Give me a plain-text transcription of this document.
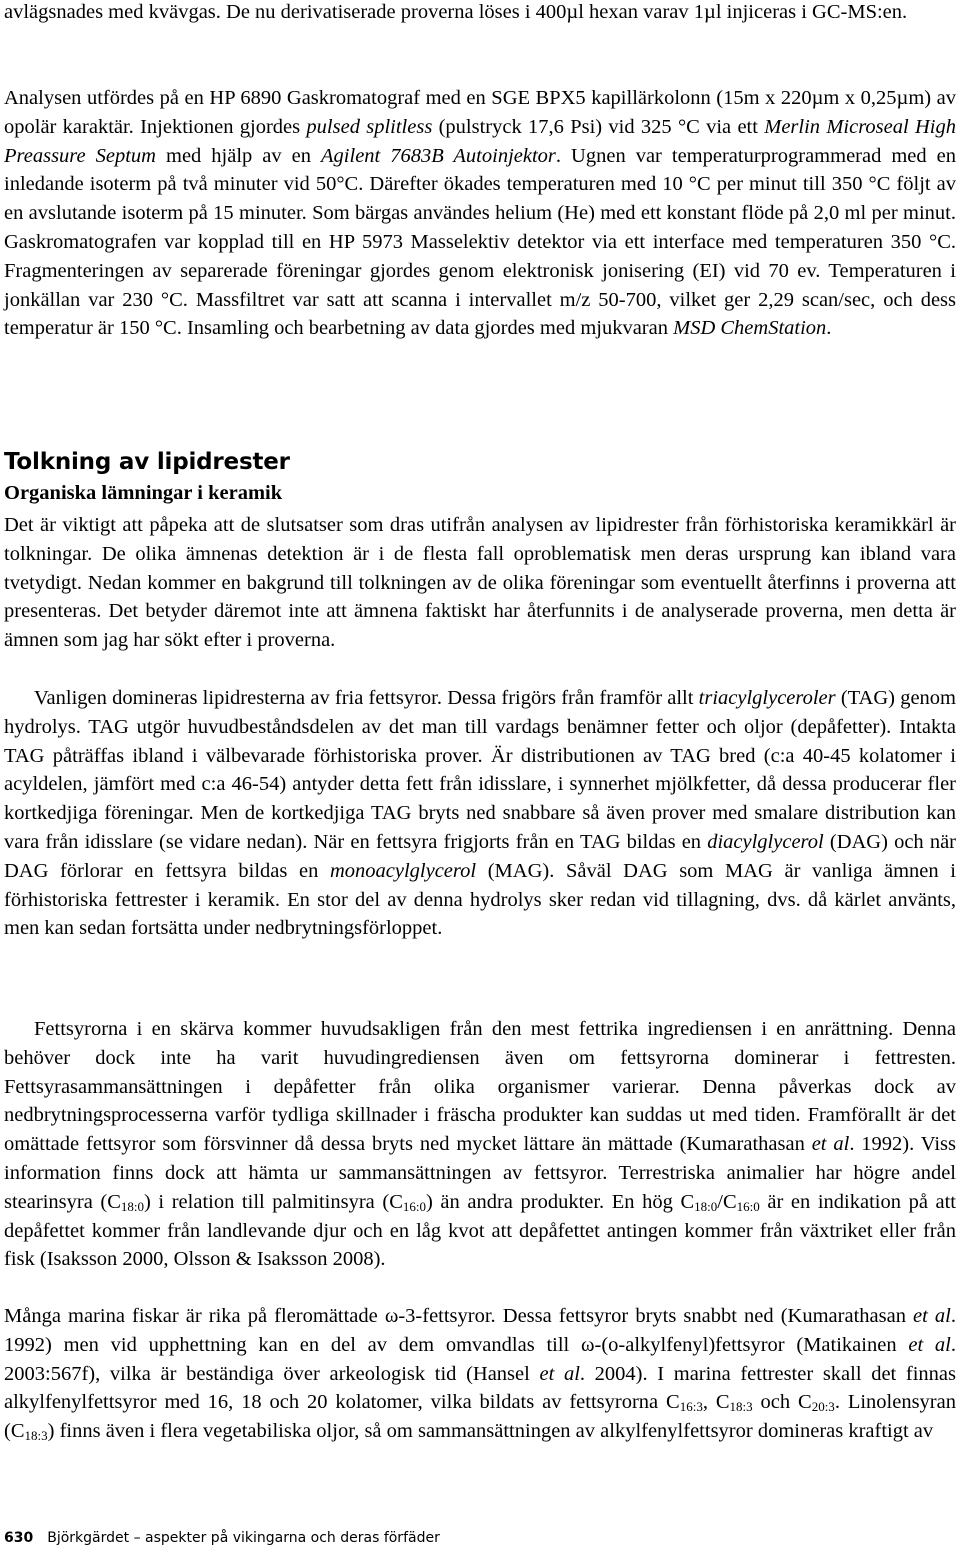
avlägsnades med kvävgas. De nu derivatiserade proverna löses i 400µl hexan varav 1µl injiceras i GC-MS:en.

Analysen utfördes på en HP 6890 Gaskromatograf med en SGE BPX5 kapillärkolonn (15m x 220µm x 0,25µm) av opolär karaktär. Injektionen gjordes pulsed splitless (pulstryck 17,6 Psi) vid 325 °C via ett Merlin Microseal High Preassure Septum med hjälp av en Agilent 7683B Autoinjektor. Ugnen var temperaturprogrammerad med en inledande isoterm på två minuter vid 50°C. Därefter ökades temperaturen med 10 °C per minut till 350 °C följt av en avslutande isoterm på 15 minuter. Som bärgas användes helium (He) med ett konstant flöde på 2,0 ml per minut. Gaskromatografen var kopplad till en HP 5973 Masselektiv detektor via ett interface med temperaturen 350 °C. Fragmenteringen av separerade föreningar gjordes genom elektronisk jonisering (EI) vid 70 ev. Temperaturen i jonkällan var 230 °C. Massfiltret var satt att scanna i intervallet m/z 50-700, vilket ger 2,29 scan/sec, och dess temperatur är 150 °C. Insamling och bearbetning av data gjordes med mjukvaran MSD ChemStation.

Tolkning av lipidrester
Organiska lämningar i keramik

Det är viktigt att påpeka att de slutsatser som dras utifrån analysen av lipidrester från förhistoriska keramikkärl är tolkningar. De olika ämnenas detektion är i de flesta fall oproblematisk men deras ursprung kan ibland vara tvetydigt. Nedan kommer en bakgrund till tolkningen av de olika föreningar som eventuellt återfinns i proverna att presenteras. Det betyder däremot inte att ämnena faktiskt har återfunnits i de analyserade proverna, men detta är ämnen som jag har sökt efter i proverna.

Vanligen domineras lipidresterna av fria fettsyror. Dessa frigörs från framför allt triacylglyceroler (TAG) genom hydrolys. TAG utgör huvudbeståndsdelen av det man till vardags benämner fetter och oljor (depåfetter). Intakta TAG påträffas ibland i välbevarade förhistoriska prover. Är distributionen av TAG bred (c:a 40-45 kolatomer i acyldelen, jämfört med c:a 46-54) antyder detta fett från idisslare, i synnerhet mjölkfetter, då dessa producerar fler kortkedjiga föreningar. Men de kortkedjiga TAG bryts ned snabbare så även prover med smalare distribution kan vara från idisslare (se vidare nedan). När en fettsyra frigjorts från en TAG bildas en diacylglycerol (DAG) och när DAG förlorar en fettsyra bildas en monoacylglycerol (MAG). Såväl DAG som MAG är vanliga ämnen i förhistoriska fettrester i keramik. En stor del av denna hydrolys sker redan vid tillagning, dvs. då kärlet använts, men kan sedan fortsätta under nedbrytningsförloppet.

Fettsyrorna i en skärva kommer huvudsakligen från den mest fettrika ingrediensen i en anrättning. Denna behöver dock inte ha varit huvudingrediensen även om fettsyrorna dominerar i fettresten. Fettsyrasammansättningen i depåfetter från olika organismer varierar. Denna påverkas dock av nedbrytningsprocesserna varför tydliga skillnader i fräscha produkter kan suddas ut med tiden. Framförallt är det omättade fettsyror som försvinner då dessa bryts ned mycket lättare än mättade (Kumarathasan et al. 1992). Viss information finns dock att hämta ur sammansättningen av fettsyror. Terrestriska animalier har högre andel stearinsyra $(C_{18:0})$ i relation till palmitinsyra $(C_{16:0})$ än andra produkter. En hög $C_{18:0}/C_{16:0}$ är en indikation på att depåfettet kommer från landlevande djur och en låg kvot att depåfettet antingen kommer från växtriket eller från fisk (Isaksson 2000, Olsson & Isaksson 2008).

Många marina fiskar är rika på fleromättade ω-3-fettsyror. Dessa fettsyror bryts snabbt ned (Kumarathasan et al. 1992) men vid upphettning kan en del av dem omvandlas till ω-(o-alkylfenyl)fettsyror (Matikainen et al. 2003:567f), vilka är beständiga över arkeologisk tid (Hansel et al. 2004). I marina fettrester skall det finnas alkylfenylfettsyror med 16, 18 och 20 kolatomer, vilka bildats av fettsyrorna $C_{16:3}$, $C_{18:3}$ och $C_{20:3}$. Linolensyran $(C_{18:3})$ finns även i flera vegetabiliska oljor, så om sammansättningen av alkylfenylfettsyror domineras kraftigt av

630 Björkgärdet – aspekter på vikingarna och deras förfäder
